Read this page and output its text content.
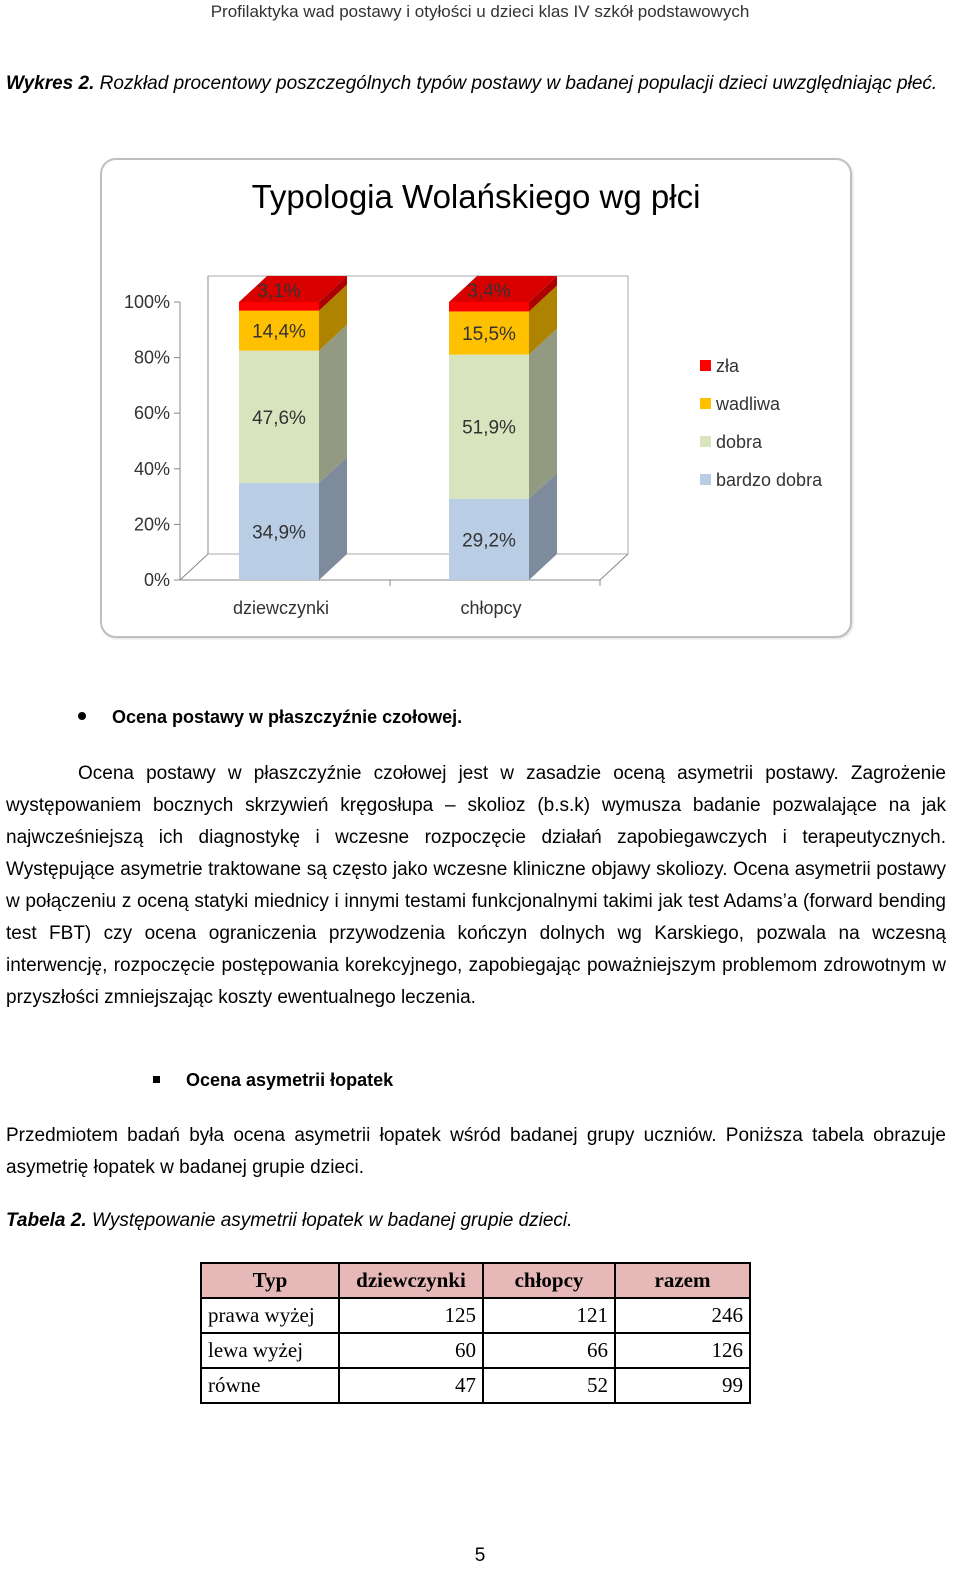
Profilaktyka wad postawy i otyłości u dzieci klas IV szkół podstawowych
Wykres 2. Rozkład procentowy poszczególnych typów postawy w badanej populacji dzieci uwzględniając płeć.
Typologia Wolańskiego wg płci
0%
20%
40%
60%
80%
100%
34,9%
47,6%
14,4%
3,1%
dziewczynki
29,2%
51,9%
15,5%
3,4%
chłopcy
zła
wadliwa
dobra
bardzo dobra
Ocena postawy w płaszczyźnie czołowej.

Ocena postawy w płaszczyźnie czołowej jest w zasadzie oceną asymetrii postawy. Zagrożenie występowaniem bocznych skrzywień kręgosłupa – skolioz (b.s.k) wymusza badanie pozwalające na jak najwcześniejszą ich diagnostykę i wczesne rozpoczęcie działań zapobiegawczych i terapeutycznych. Występujące asymetrie traktowane są często jako wczesne kliniczne objawy skoliozy. Ocena asymetrii postawy w połączeniu z oceną statyki miednicy i innymi testami funkcjonalnymi takimi jak test Adams’a (forward bending test FBT) czy ocena ograniczenia przywodzenia kończyn dolnych wg Karskiego, pozwala na wczesną interwencję, rozpoczęcie postępowania korekcyjnego, zapobiegając poważniejszym problemom zdrowotnym w przyszłości zmniejszając koszty ewentualnego leczenia.

Ocena asymetrii łopatek

Przedmiotem badań była ocena asymetrii łopatek wśród badanej grupy uczniów. Poniższa tabela obrazuje asymetrię łopatek w badanej grupie dzieci.

Tabela 2. Występowanie asymetrii łopatek w badanej grupie dzieci.
Typ	dziewczynki	chłopcy	razem
prawa wyżej	125	121	246
lewa wyżej	60	66	126
równe	47	52	99
5
